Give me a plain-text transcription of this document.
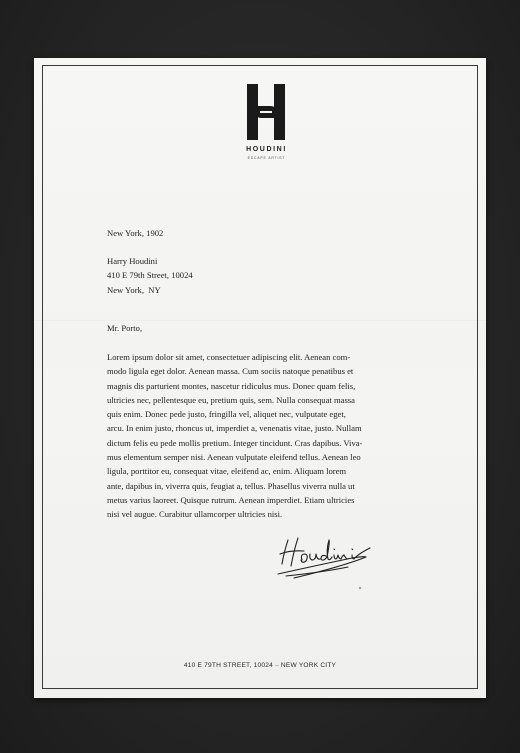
HOUDINI
ESCAPE ARTIST
New York, 1902
Harry Houdini
410 E 79th Street, 10024
New York,  NY
Mr. Porto,
Lorem ipsum dolor sit amet, consectetuer adipiscing elit. Aenean com-
modo ligula eget dolor. Aenean massa. Cum sociis natoque penatibus et
magnis dis parturient montes, nascetur ridiculus mus. Donec quam felis,
ultricies nec, pellentesque eu, pretium quis, sem. Nulla consequat massa
quis enim. Donec pede justo, fringilla vel, aliquet nec, vulputate eget,
arcu. In enim justo, rhoncus ut, imperdiet a, venenatis vitae, justo. Nullam
dictum felis eu pede mollis pretium. Integer tincidunt. Cras dapibus. Viva-
mus elementum semper nisi. Aenean vulputate eleifend tellus. Aenean leo
ligula, porttitor eu, consequat vitae, eleifend ac, enim. Aliquam lorem
ante, dapibus in, viverra quis, feugiat a, tellus. Phasellus viverra nulla ut
metus varius laoreet. Quisque rutrum. Aenean imperdiet. Etiam ultricies
nisi vel augue. Curabitur ullamcorper ultricies nisi.
410 E 79TH STREET, 10024 – NEW YORK CITY
